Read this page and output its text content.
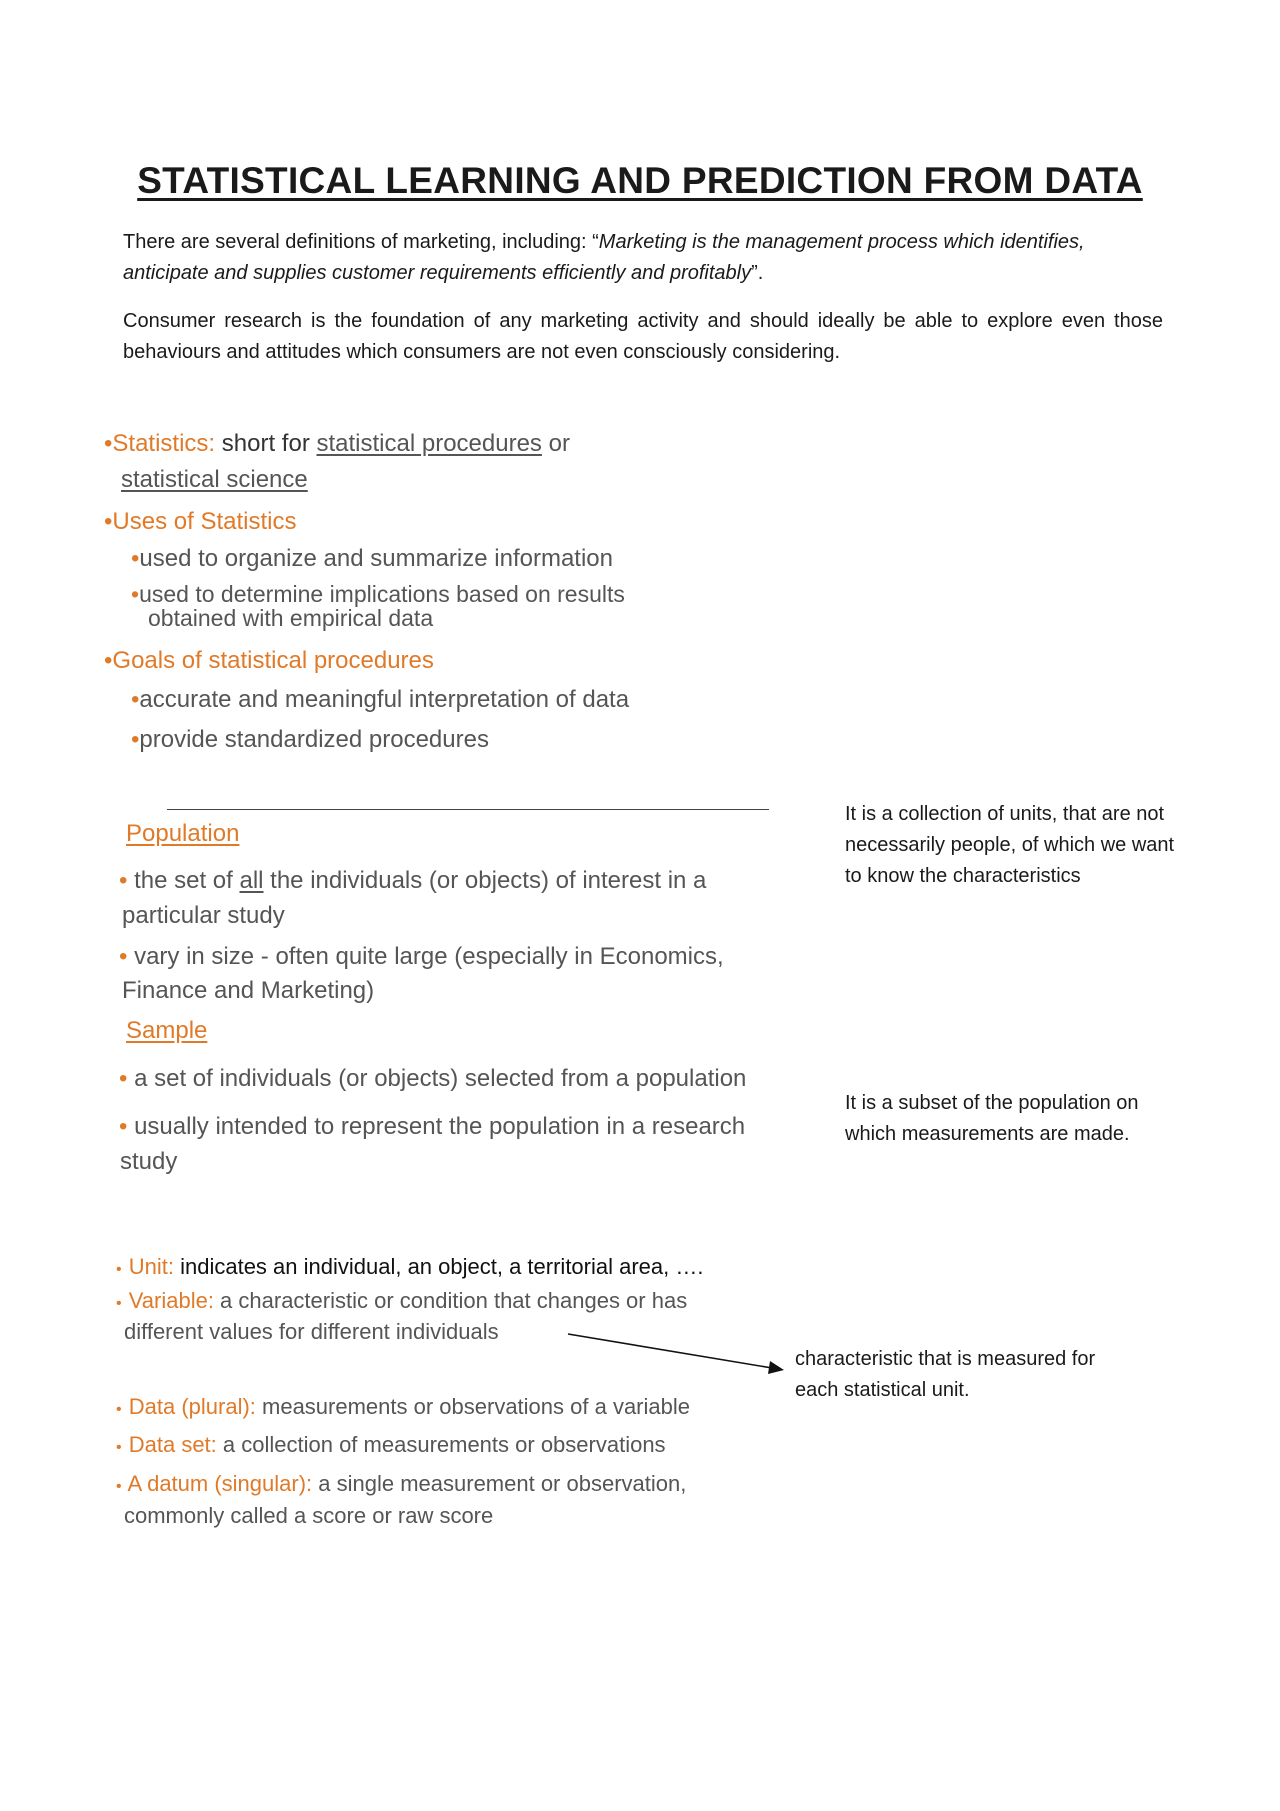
STATISTICAL LEARNING AND PREDICTION FROM DATA
There are several definitions of marketing, including: “Marketing is the management process which identifies, anticipate and supplies customer requirements efficiently and profitably”.
Consumer research is the foundation of any marketing activity and should ideally be able to explore even those behaviours and attitudes which consumers are not even consciously considering.
•Statistics: short for statistical procedures or
statistical science
•Uses of Statistics
•used to organize and summarize information
•used to determine implications based on results
obtained with empirical data
•Goals of statistical procedures
•accurate and meaningful interpretation of data
•provide standardized procedures
Population
• the set of all the individuals (or objects) of interest in a
particular study
• vary in size - often quite large (especially in Economics,
Finance and Marketing)
It is a collection of units, that are not necessarily people, of which we want to know the characteristics
Sample
• a set of individuals (or objects) selected from a population
• usually intended to represent the population in a research
study
It is a subset of the population on which measurements are made.
• Unit: indicates an individual, an object, a territorial area, ….
• Variable: a characteristic or condition that changes or has
different values for different individuals
characteristic that is measured for each statistical unit.
• Data (plural): measurements or observations of a variable
• Data set: a collection of measurements or observations
• A datum (singular): a single measurement or observation,
commonly called a score or raw score
